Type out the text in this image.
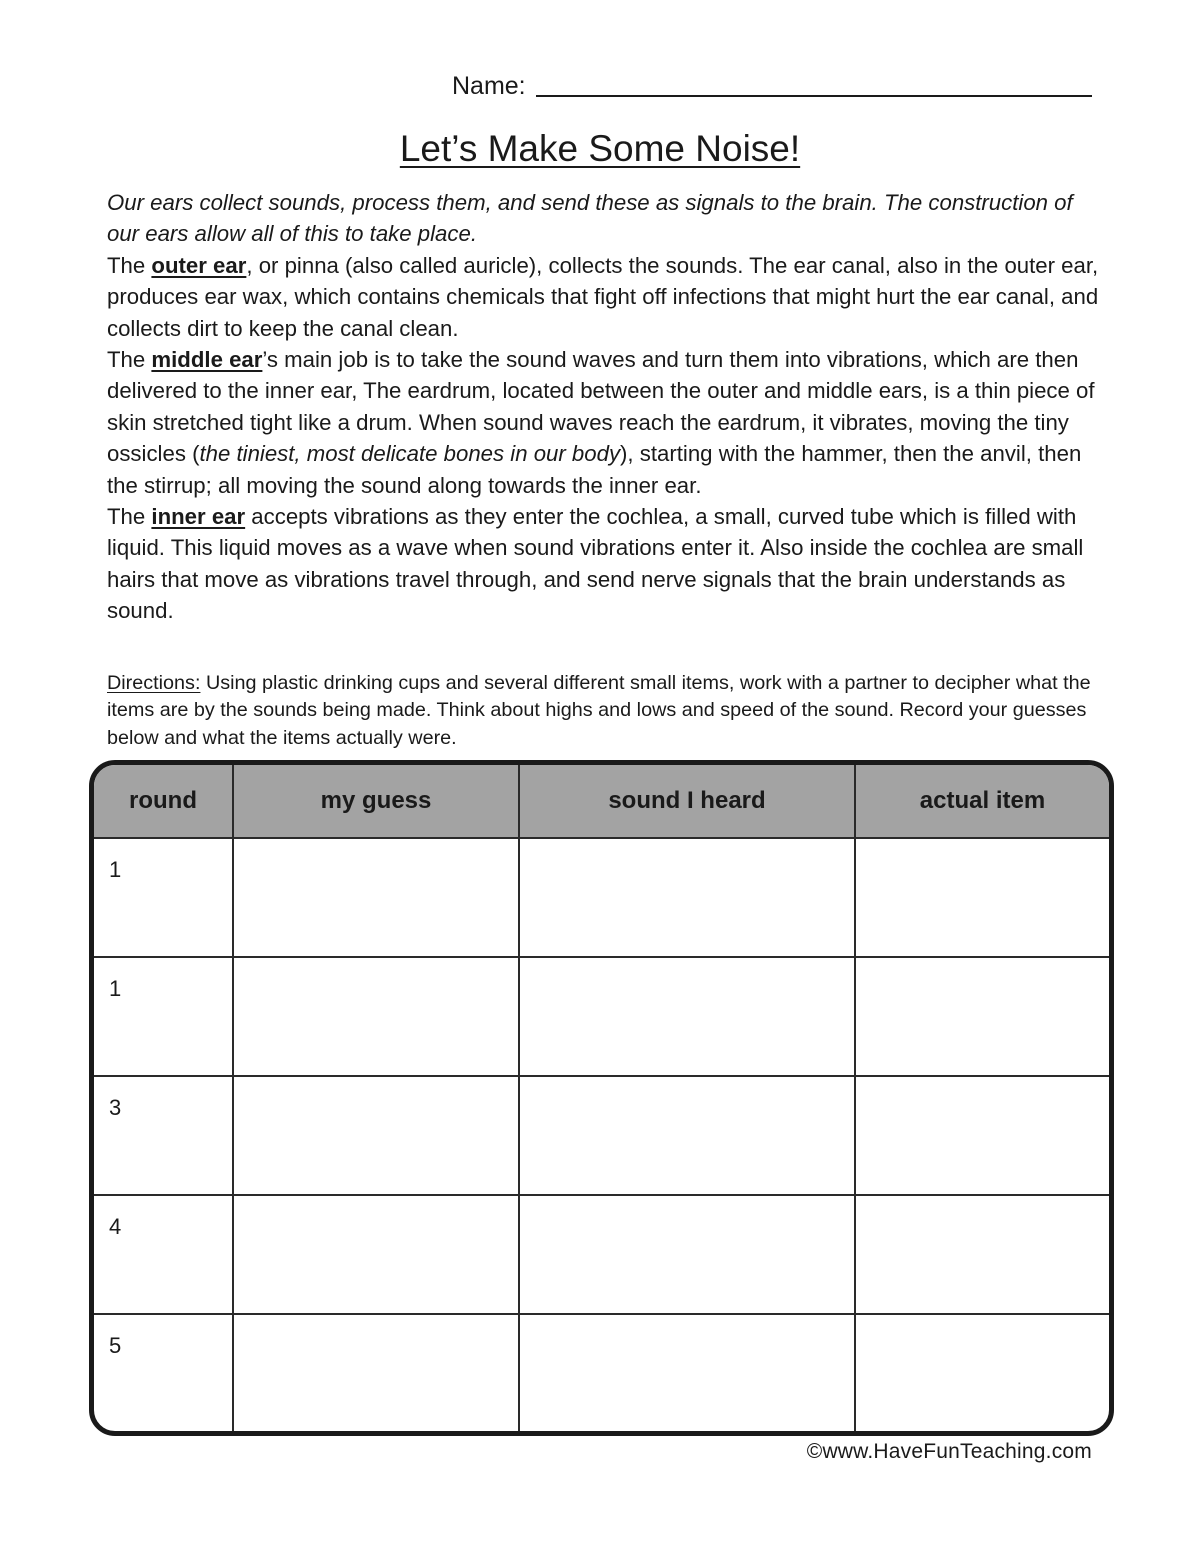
Name:
Let’s Make Some Noise!

Our ears collect sounds, process them, and send these as signals to the brain. The construction of our ears allow all of this to take place.

The outer ear, or pinna (also called auricle), collects the sounds. The ear canal, also in the outer ear, produces ear wax, which contains chemicals that fight off infections that might hurt the ear canal, and collects dirt to keep the canal clean.

The middle ear’s main job is to take the sound waves and turn them into vibrations, which are then delivered to the inner ear, The eardrum, located between the outer and middle ears, is a thin piece of skin stretched tight like a drum. When sound waves reach the eardrum, it vibrates, moving the tiny ossicles (the tiniest, most delicate bones in our body), starting with the hammer, then the anvil, then the stirrup; all moving the sound along towards the inner ear.

The inner ear accepts vibrations as they enter the cochlea, a small, curved tube which is filled with liquid. This liquid moves as a wave when sound vibrations enter it. Also inside the cochlea are small hairs that move as vibrations travel through, and send nerve signals that the brain understands as sound.

Directions: Using plastic drinking cups and several different small items, work with a partner to decipher what the items are by the sounds being made. Think about highs and lows and speed of the sound. Record your guesses below and what the items actually were.
round	my guess	sound I heard	actual item
1			
1			
3			
4			
5			
©www.HaveFunTeaching.com
